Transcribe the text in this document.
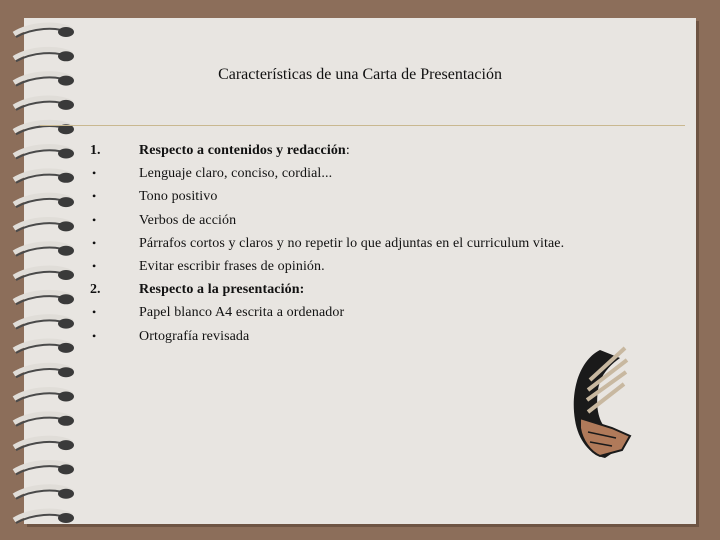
Características de una Carta de Presentación
1.	Respecto a contenidos y redacción:
•	Lenguaje claro, conciso, cordial...
•	Tono positivo
•	Verbos de acción
•	Párrafos cortos y claros y no repetir lo que adjuntas en el curriculum vitae.
•	Evitar escribir frases de opinión.
2.	Respecto a la presentación:
•	Papel blanco A4 escrita a ordenador
•	Ortografía revisada
